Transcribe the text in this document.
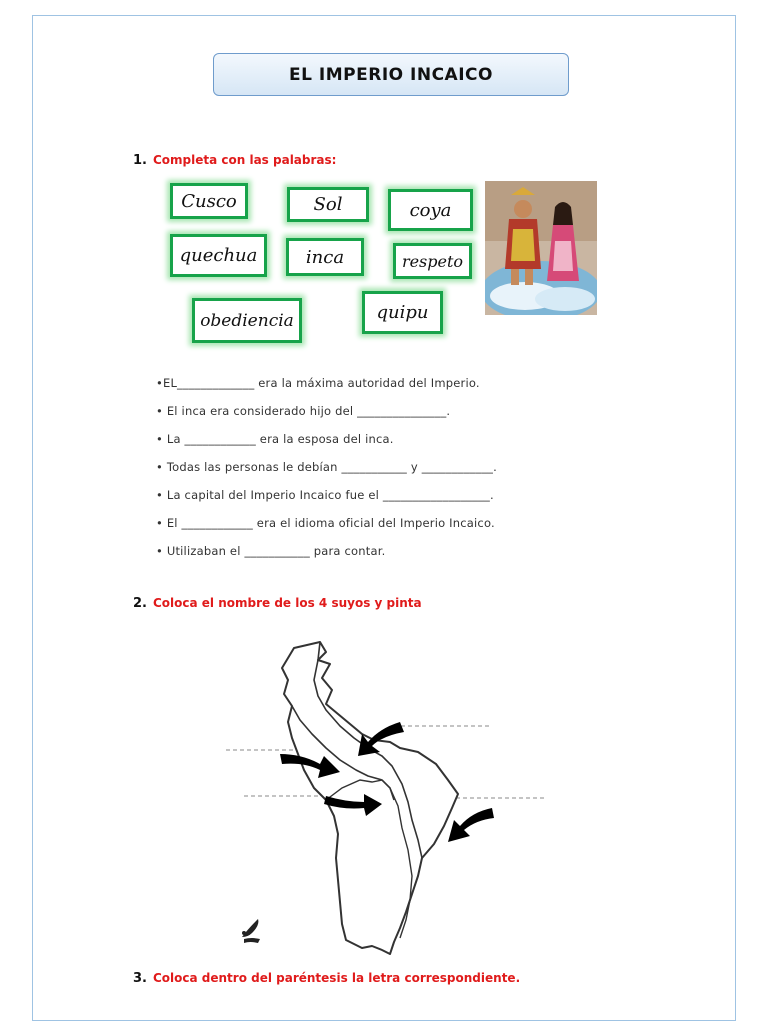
EL IMPERIO INCAICO
1. Completa con las palabras:
Cusco	Sol	coya
quechua	inca	respeto
obediencia	quipu
•EL_____________ era la máxima autoridad del Imperio.
• El inca era considerado hijo del _______________.
• La ____________ era la esposa del inca.
• Todas las personas le debían ___________ y ____________.
• La capital del Imperio Incaico fue el __________________.
• El ____________ era el idioma oficial del Imperio Incaico.
• Utilizaban el ___________ para contar.
2. Coloca el nombre de los 4 suyos y pinta
3. Coloca dentro del paréntesis la letra correspondiente.
